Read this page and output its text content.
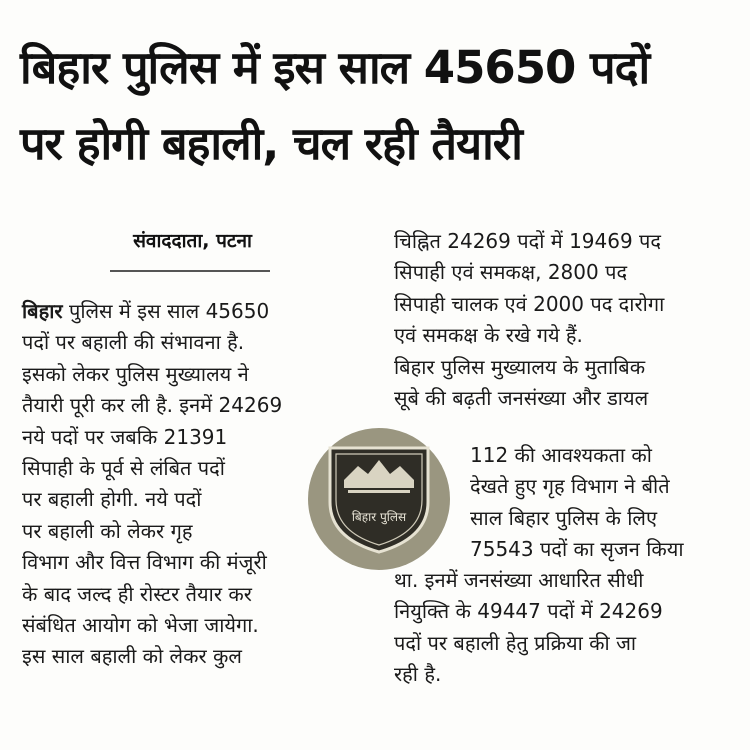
बिहार पुलिस में इस साल 45650 पदों
पर होगी बहाली, चल रही तैयारी
संवाददाता, पटना
बिहार पुलिस में इस साल 45650
पदों पर बहाली की संभावना है.
इसको लेकर पुलिस मुख्यालय ने
तैयारी पूरी कर ली है. इनमें 24269
नये पदों पर जबकि 21391
सिपाही के पूर्व से लंबित पदों
पर बहाली होगी. नये पदों
पर बहाली को लेकर गृह
विभाग और वित्त विभाग की मंजूरी
के बाद जल्द ही रोस्टर तैयार कर
संबंधित आयोग को भेजा जायेगा.
इस साल बहाली को लेकर कुल
चिह्नित 24269 पदों में 19469 पद
सिपाही एवं समकक्ष, 2800 पद
सिपाही चालक एवं 2000 पद दारोगा
एवं समकक्ष के रखे गये हैं.
बिहार पुलिस मुख्यालय के मुताबिक
सूबे की बढ़ती जनसंख्या और डायल
112 की आवश्यकता को
देखते हुए गृह विभाग ने बीते
साल बिहार पुलिस के लिए
75543 पदों का सृजन किया
था. इनमें जनसंख्या आधारित सीधी
नियुक्ति के 49447 पदों में 24269
पदों पर बहाली हेतु प्रक्रिया की जा
रही है.
बिहार पुलिस
